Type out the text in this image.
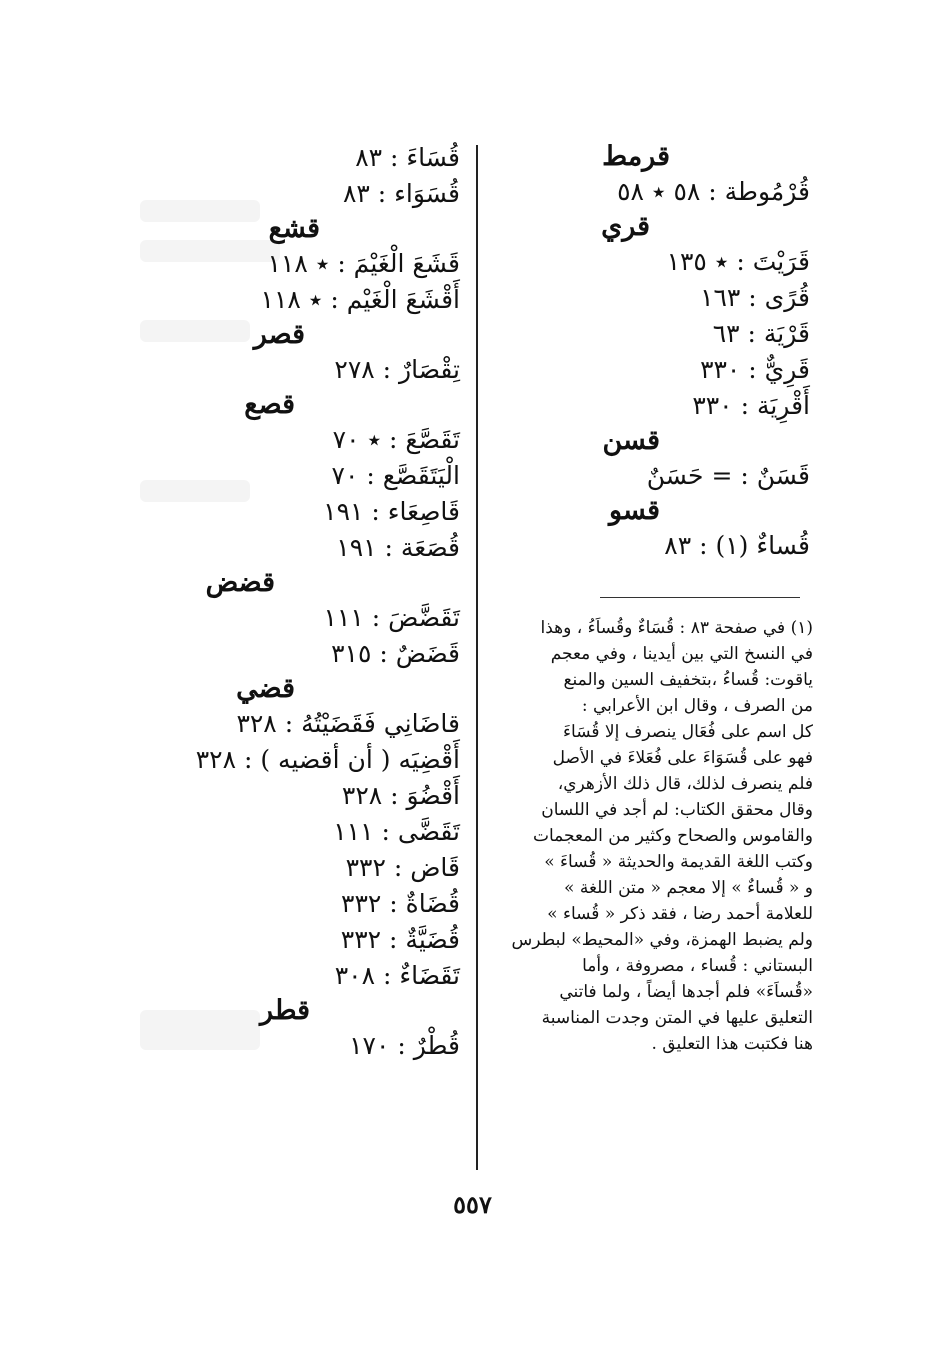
قرمط

قُرْمُوطة : ٥٨ ٭ ٥٨

قري

قَرَيْتَ : ٭ ١٣٥

قُرًى : ١٦٣

قَرْيَة : ٦٣

قَرِيٌّ : ٣٣٠

أَقْرِيَة : ٣٣٠

قسن

قَسَنٌ : = حَسَنٌ

قسو

قُساءٌ (١) : ٨٣

(١) في صفحة ٨٣ : قُسَاءٌ وقُساَءُ ، وهذا
في النسخ التي بين أيدينا ، وفي معجم
ياقوت: قُساءُ ،بتخفيف السين والمنع
من الصرف ، وقال ابن الأعرابي :
كل اسم على فُعَال ينصرف إلا قُسَاءَ
فهو على قُسَوَاءَ على فُعَلاءَ في الأصل
فلم ينصرف لذلك، قال ذلك الأزهري،
وقال محقق الكتاب: لم أجد في اللسان
والقاموس والصحاح وكثير من المعجمات
وكتب اللغة القديمة والحديثة « قُساءَ »
و « قُساءٌ » إلا معجم « متن اللغة »
للعلامة أحمد رضا ، فقد ذكر « قُساء »
ولم يضبط الهمزة، وفي «المحيط» لبطرس
البستاني : قُساء ، مصروفة ، وأما
«قُساَءَ» فلم أجدها أيضاً ، ولما فاتني
التعليق عليها في المتن وجدت المناسبة
هنا فكتبت هذا التعليق .

قُسَاءَ : ٨٣

قُسَوَاء : ٨٣

قشع

قَشَعَ الْغَيْمَ : ٭ ١١٨

أَقْشَعَ الْغَيْم : ٭ ١١٨

قصر

تِقْصَارٌ : ٢٧٨

قصع

تَقَصَّعَ : ٭ ٧٠

الْيَتَقَصَّع : ٧٠

قَاصِعَاء : ١٩١

قُصَعَة : ١٩١

قضض

تَقَضَّضَ : ١١١

قَضَضٌ : ٣١٥

قضي

قاضَانِي فَقَضَيْتُهُ : ٣٢٨

أَقْضِيَه ( أن أقضيه ) : ٣٢٨

أَقْضُوَ : ٣٢٨

تَقَضَّى : ١١١

قَاض : ٣٣٢

قُضَاةٌ : ٣٣٢

قُضَيَّةٌ : ٣٣٢

تَقَضَاءٌ : ٣٠٨

قطر

قُطْرٌ : ١٧٠

٥٥٧
